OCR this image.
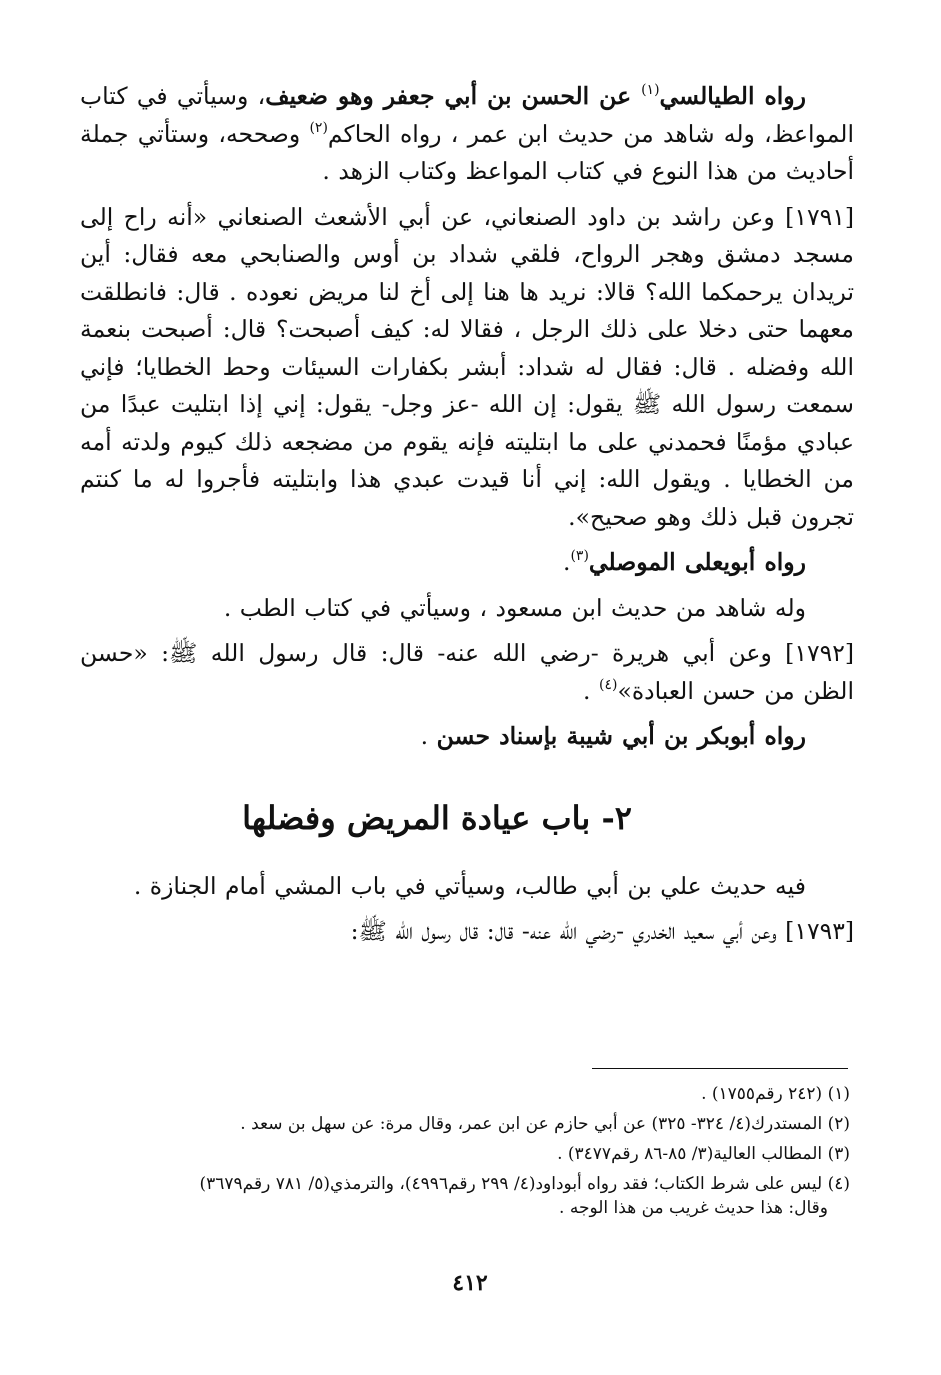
رواه الطيالسي$^{(١)}$ عن الحسن بن أبي جعفر وهو ضعيف، وسيأتي في كتاب المواعظ، وله شاهد من حديث ابن عمر ، رواه الحاكم$^{(٢)}$ وصححه، وستأتي جملة أحاديث من هذا النوع في كتاب المواعظ وكتاب الزهد .

[١٧٩١] وعن راشد بن داود الصنعاني، عن أبي الأشعث الصنعاني «أنه راح إلى مسجد دمشق وهجر الرواح، فلقي شداد بن أوس والصنابحي معه فقال: أين تريدان يرحمكما الله؟ قالا: نريد ها هنا إلى أخ لنا مريض نعوده . قال: فانطلقت معهما حتى دخلا على ذلك الرجل ، فقالا له: كيف أصبحت؟ قال: أصبحت بنعمة الله وفضله . قال: فقال له شداد: أبشر بكفارات السيئات وحط الخطايا؛ فإني سمعت رسول الله ﷺ يقول: إن الله -عز وجل- يقول: إني إذا ابتليت عبدًا من عبادي مؤمنًا فحمدني على ما ابتليته فإنه يقوم من مضجعه ذلك كيوم ولدته أمه من الخطايا . ويقول الله: إني أنا قيدت عبدي هذا وابتليته فأجروا له ما كنتم تجرون قبل ذلك وهو صحيح».

رواه أبويعلى الموصلي$^{(٣)}$.

وله شاهد من حديث ابن مسعود ، وسيأتي في كتاب الطب .

[١٧٩٢] وعن أبي هريرة -رضي الله عنه- قال: قال رسول الله ﷺ: «حسن الظن من حسن العبادة»$^{(٤)}$ .

رواه أبوبكر بن أبي شيبة بإسناد حسن .

٢- باب عيادة المريض وفضلها

فيه حديث علي بن أبي طالب، وسيأتي في باب المشي أمام الجنازة .

[١٧٩٣] وعن أبي سعيد الخدري -رضي الله عنه- قال: قال رسول الله ﷺ:

(١) (٢٤٢ رقم١٧٥٥) .
(٢) المستدرك(٤/ ٣٢٤- ٣٢٥) عن أبي حازم عن ابن عمر، وقال مرة: عن سهل بن سعد .
(٣) المطالب العالية(٣/ ٨٥-٨٦ رقم٣٤٧٧) .
(٤) ليس على شرط الكتاب؛ فقد رواه أبوداود(٤/ ٢٩٩ رقم٤٩٩٦)، والترمذي(٥/ ٧٨١ رقم٣٦٧٩)
وقال: هذا حديث غريب من هذا الوجه .
٤١٢
